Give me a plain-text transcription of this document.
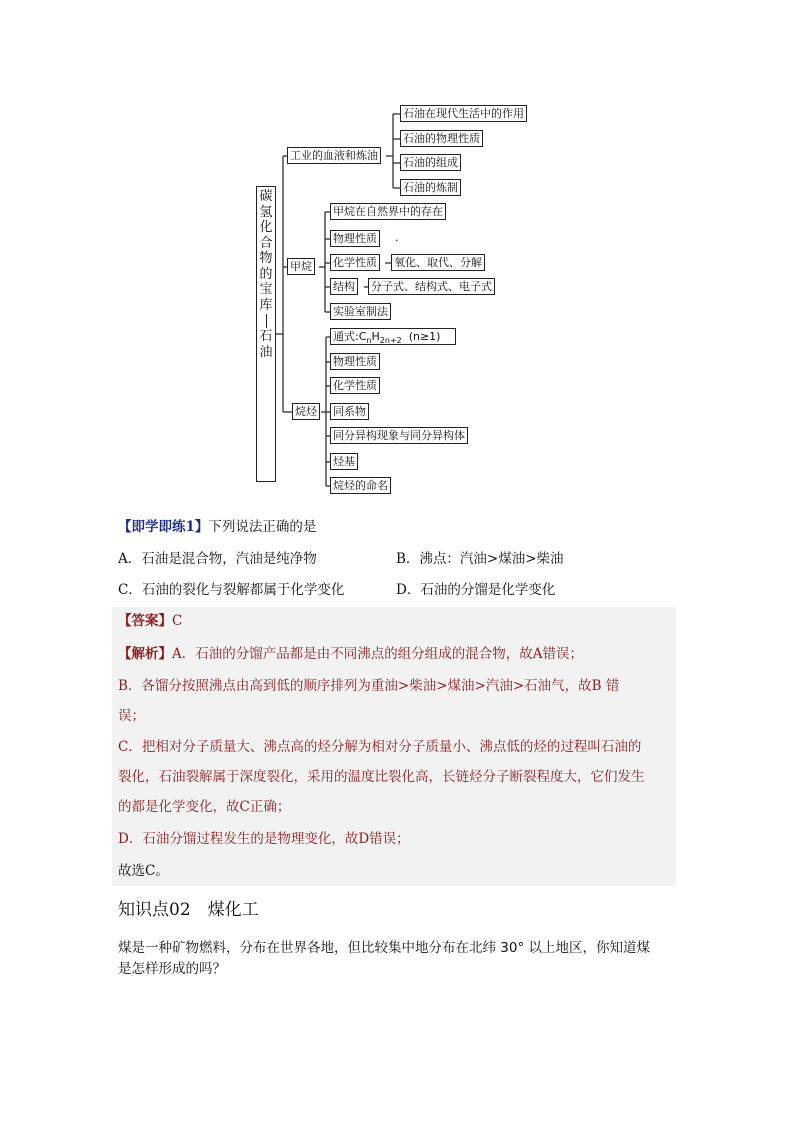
碳
氢
化
合
物
的
宝
库
石
油
工业的血液和炼油
石油在现代生活中的作用
石油的物理性质
石油的组成
石油的炼制
甲烷
甲烷在自然界中的存在
物理性质 .
化学性质 氧化、取代、分解
结构 分子式、结构式、电子式
实验室制法
烷烃
通式$:C_nH_{2n+2}$ (n≥1)
物理性质
化学性质
同系物
同分异构现象与同分异构体
烃基
烷烃的命名
【即学即练1】下列说法正确的是
A．石油是混合物，汽油是纯净物	B．沸点：汽油>煤油>柴油
C．石油的裂化与裂解都属于化学变化	D．石油的分馏是化学变化
【答案】C
【解析】A．石油的分馏产品都是由不同沸点的组分组成的混合物，故A错误；
B．各馏分按照沸点由高到低的顺序排列为重油>柴油>煤油>汽油>石油气，故B 错
误；
C．把相对分子质量大、沸点高的烃分解为相对分子质量小、沸点低的烃的过程叫石油的
裂化，石油裂解属于深度裂化，采用的温度比裂化高，长链烃分子断裂程度大，它们发生
的都是化学变化，故C正确；
D．石油分馏过程发生的是物理变化，故D错误；
故选C。
知识点02　煤化工
煤是一种矿物燃料，分布在世界各地，但比较集中地分布在北纬 30° 以上地区，你知道煤
是怎样形成的吗？
